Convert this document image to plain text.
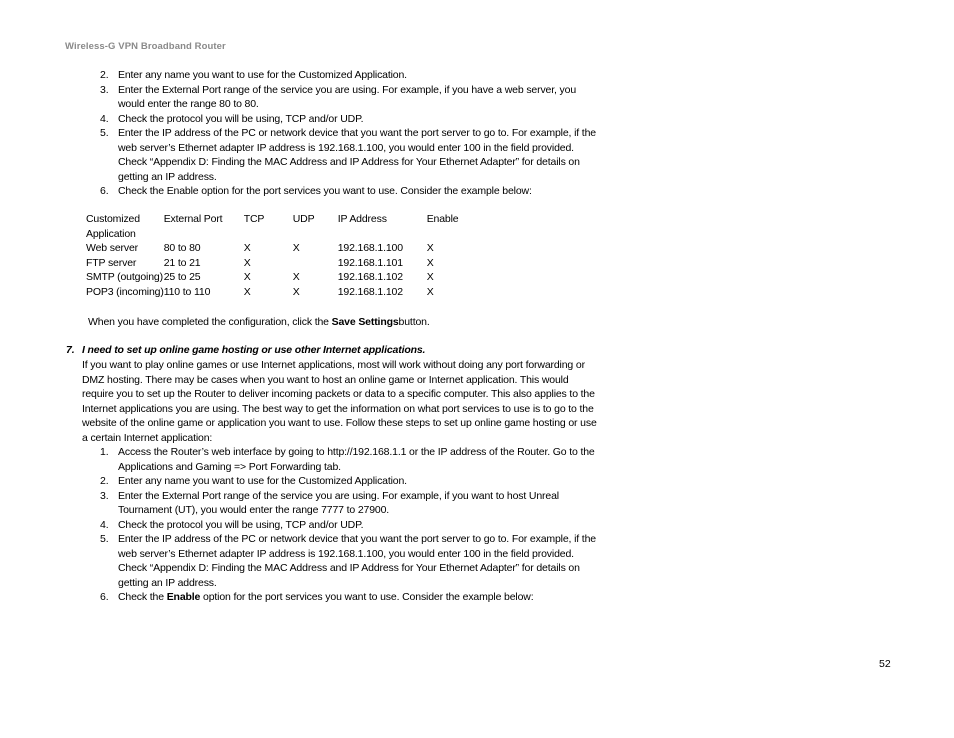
Wireless-G VPN Broadband Router
2. Enter any name you want to use for the Customized Application.
3. Enter the External Port range of the service you are using. For example, if you have a web server, you would enter the range 80 to 80.
4. Check the protocol you will be using, TCP and/or UDP.
5. Enter the IP address of the PC or network device that you want the port server to go to. For example, if the web server’s Ethernet adapter IP address is 192.168.1.100, you would enter 100 in the field provided. Check “Appendix D: Finding the MAC Address and IP Address for Your Ethernet Adapter” for details on getting an IP address.
6. Check the Enable option for the port services you want to use. Consider the example below:
Customized Application	External Port	TCP	UDP	IP Address	Enable
Web server	80 to 80	X	X	192.168.1.100	X
FTP server	21 to 21	X		192.168.1.101	X
SMTP (outgoing)	25 to 25	X	X	192.168.1.102	X
POP3 (incoming)	110 to 110	X	X	192.168.1.102	X
When you have completed the configuration, click the Save Settingsbutton.
7. I need to set up online game hosting or use other Internet applications.
If you want to play online games or use Internet applications, most will work without doing any port forwarding or DMZ hosting. There may be cases when you want to host an online game or Internet application. This would require you to set up the Router to deliver incoming packets or data to a specific computer. This also applies to the Internet applications you are using. The best way to get the information on what port services to use is to go to the website of the online game or application you want to use. Follow these steps to set up online game hosting or use a certain Internet application:
1. Access the Router’s web interface by going to http://192.168.1.1 or the IP address of the Router. Go to the Applications and Gaming => Port Forwarding tab.
2. Enter any name you want to use for the Customized Application.
3. Enter the External Port range of the service you are using. For example, if you want to host Unreal Tournament (UT), you would enter the range 7777 to 27900.
4. Check the protocol you will be using, TCP and/or UDP.
5. Enter the IP address of the PC or network device that you want the port server to go to. For example, if the web server’s Ethernet adapter IP address is 192.168.1.100, you would enter 100 in the field provided. Check “Appendix D: Finding the MAC Address and IP Address for Your Ethernet Adapter” for details on getting an IP address.
6. Check the Enable option for the port services you want to use. Consider the example below:
52
